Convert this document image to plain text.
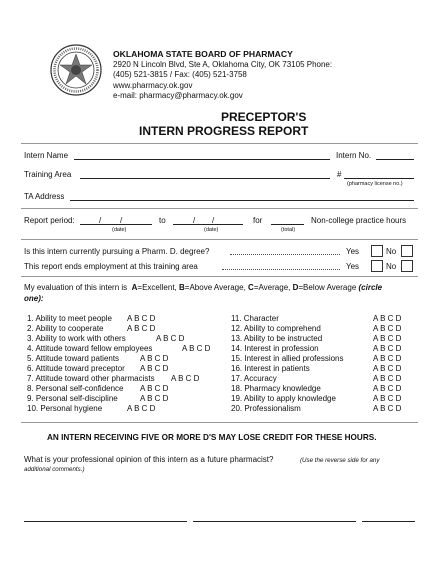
OKLAHOMA STATE BOARD OF PHARMACY
2920 N Lincoln Blvd, Ste A, Oklahoma City, OK 73105 Phone:
(405) 521-3815 / Fax: (405) 521-3758
www.pharmacy.ok.gov
e-mail: pharmacy@pharmacy.ok.gov
PRECEPTOR'S
INTERN PROGRESS REPORT
Intern Name	Intern No.
Training Area	#
(pharmacy license no.)
TA Address
Report period:	/ /
(date)
to	/ /
(date)
for
(total)
Non-college practice hours
Is this intern currently pursuing a Pharm. D. degree?	Yes	No
This report ends employment at this training area	Yes	No
My evaluation of this intern is A=Excellent, B=Above Average, C=Average, D=Below Average (circle
one):
1. Ability to meet people A B C D
2. Ability to cooperate	A B C D
3. Ability to work with others	A B C D
4. Attitude toward fellow employees	A B C D
5. Attitude toward patients	A B C D
6. Attitude toward preceptor A B C D
7. Attitude toward other pharmacists A B C D
8. Personal self-confidence A B C D
9. Personal self-discipline	A B C D
10. Personal hygiene	A B C D
11. Character	A B C D
12. Ability to comprehend	A B C D
13. Ability to be instructed	A B C D
14. Interest in profession	A B C D
15. Interest in allied professions	A B C D
16. Interest in patients	A B C D
17. Accuracy	A B C D
18. Pharmacy knowledge	A B C D
19. Ability to apply knowledge	A B C D
20. Professionalism	A B C D
AN INTERN RECEIVING FIVE OR MORE D'S MAY LOSE CREDIT FOR THESE HOURS.
What is your professional opinion of this intern as a future pharmacist?	(Use the reverse side for any
additional comments.)
